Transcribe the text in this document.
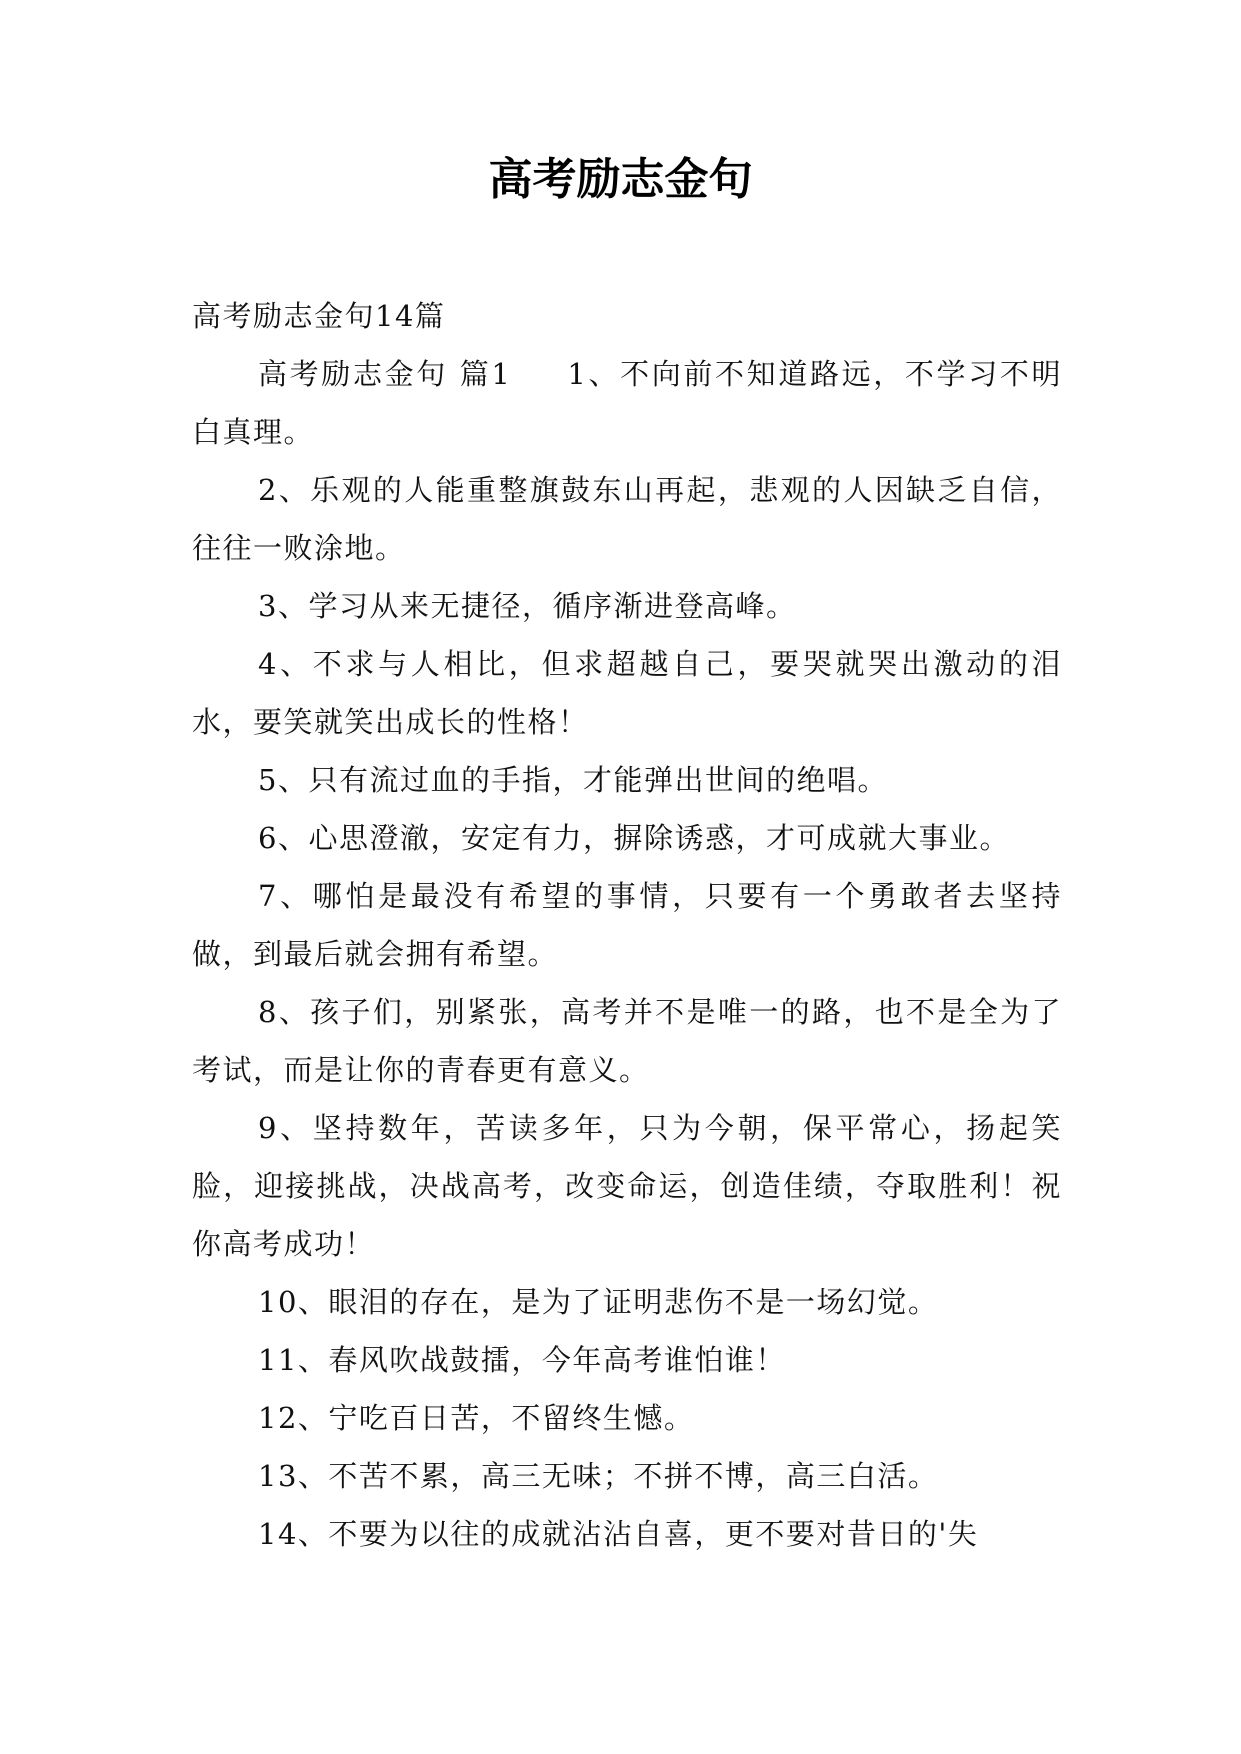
高考励志金句

高考励志金句14篇

高考励志金句 篇1 1、不向前不知道路远，不学习不明白真理。

2、乐观的人能重整旗鼓东山再起，悲观的人因缺乏自信，往往一败涂地。

3、学习从来无捷径，循序渐进登高峰。

4、不求与人相比，但求超越自己，要哭就哭出激动的泪水，要笑就笑出成长的性格！

5、只有流过血的手指，才能弹出世间的绝唱。

6、心思澄澈，安定有力，摒除诱惑，才可成就大事业。

7、哪怕是最没有希望的事情，只要有一个勇敢者去坚持做，到最后就会拥有希望。

8、孩子们，别紧张，高考并不是唯一的路，也不是全为了考试，而是让你的青春更有意义。

9、坚持数年，苦读多年，只为今朝，保平常心，扬起笑脸，迎接挑战，决战高考，改变命运，创造佳绩，夺取胜利！祝你高考成功！

10、眼泪的存在，是为了证明悲伤不是一场幻觉。

11、春风吹战鼓擂，今年高考谁怕谁！

12、宁吃百日苦，不留终生憾。

13、不苦不累，高三无味；不拼不博，高三白活。

14、不要为以往的成就沾沾自喜，更不要对昔日的'失
